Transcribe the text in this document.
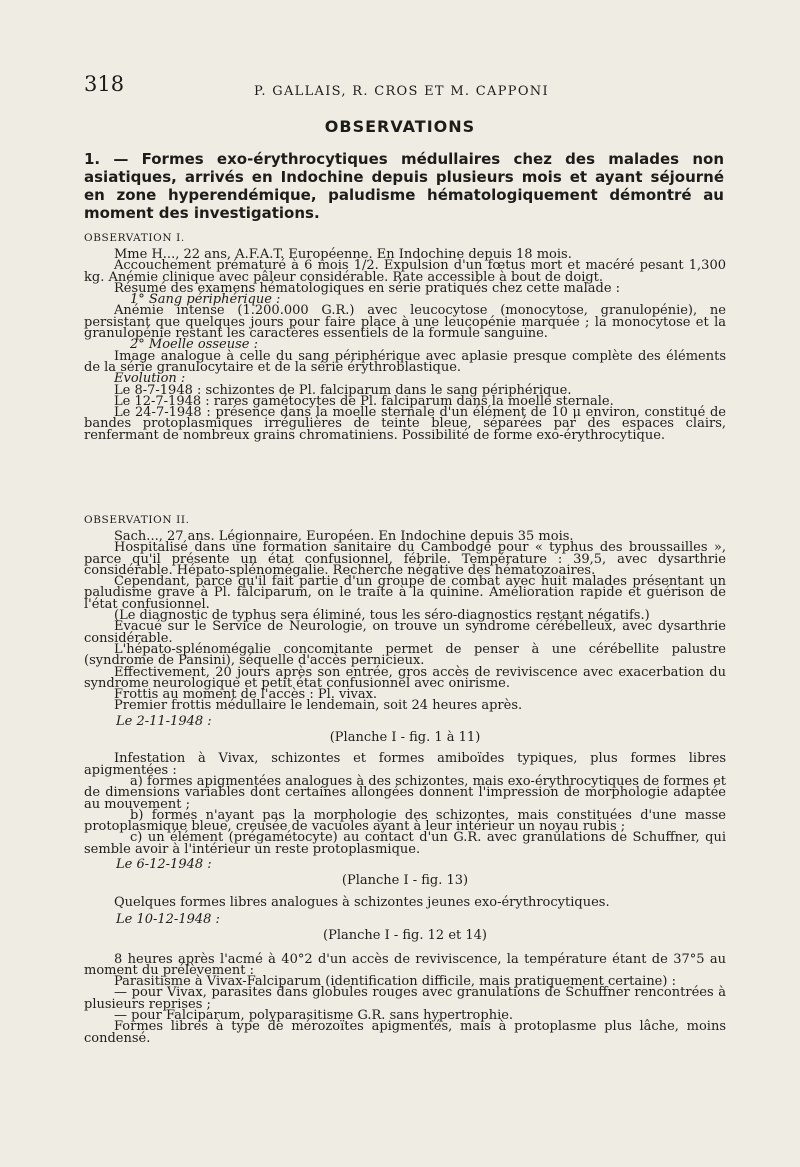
318	P. GALLAIS, R. CROS ET M. CAPPONI
OBSERVATIONS

1. — Formes exo-érythrocytiques médullaires chez des malades non asiatiques, arrivés en Indochine depuis plusieurs mois et ayant séjourné en zone hyperendémique, paludisme hématologiquement démontré au moment des investigations.

OBSERVATION I.

Mme H..., 22 ans, A.F.A.T. Européenne. En Indochine depuis 18 mois.

Accouchement prématuré à 6 mois 1/2. Expulsion d'un fœtus mort et macéré pesant 1,300 kg. Anémie clinique avec pâleur considérable. Rate accessible à bout de doigt.

Résumé des examens hématologiques en série pratiqués chez cette malade :

1° Sang périphérique :

Anémie intense (1.200.000 G.R.) avec leucocytose (monocytose, granulopénie), ne persistant que quelques jours pour faire place à une leucopénie marquée ; la monocytose et la granulopénie restant les caractères essentiels de la formule sanguine.

2° Moelle osseuse :

Image analogue à celle du sang périphérique avec aplasie presque complète des éléments de la série granulocytaire et de la série érythroblastique.

Evolution :

Le 8-7-1948 : schizontes de Pl. falciparum dans le sang périphérique.

Le 12-7-1948 : rares gamétocytes de Pl. falciparum dans la moelle sternale.

Le 24-7-1948 : présence dans la moelle sternale d'un élément de 10 μ environ, constitué de bandes protoplasmiques irrégulières de teinte bleue, séparées par des espaces clairs, renfermant de nombreux grains chromatiniens. Possibilité de forme exo-érythrocytique.

OBSERVATION II.

Sach..., 27 ans. Légionnaire, Européen. En Indochine depuis 35 mois.

Hospitalisé dans une formation sanitaire du Cambodge pour « typhus des broussailles », parce qu'il présente un état confusionnel, fébrile. Température : 39,5, avec dysarthrie considérable. Hépato-splénomégalie. Recherche négative des hématozoaires.

Cependant, parce qu'il fait partie d'un groupe de combat avec huit malades présentant un paludisme grave à Pl. falciparum, on le traite à la quinine. Amélioration rapide et guérison de l'état confusionnel.

(Le diagnostic de typhus sera éliminé, tous les séro-diagnostics restant négatifs.)

Evacué sur le Service de Neurologie, on trouve un syndrome cérébelleux, avec dysarthrie considérable.

L'hépato-splénomégalie concomitante permet de penser à une cérébellite palustre (syndrome de Pansini), séquelle d'accès pernicieux.

Effectivement, 20 jours après son entrée, gros accès de reviviscence avec exacerbation du syndrome neurologique et petit état confusionnel avec onirisme.

Frottis au moment de l'accès : Pl. vivax.

Premier frottis médullaire le lendemain, soit 24 heures après.

Le 2-11-1948 :

(Planche I - fig. 1 à 11)

Infestation à Vivax, schizontes et formes amiboïdes typiques, plus formes libres apigmentées :

a) formes apigmentées analogues à des schizontes, mais exo-érythrocytiques de formes et de dimensions variables dont certaines allongées donnent l'impression de morphologie adaptée au mouvement ;

b) formes n'ayant pas la morphologie des schizontes, mais constituées d'une masse protoplasmique bleue, creusée de vacuoles ayant à leur intérieur un noyau rubis ;

c) un élément (prégamétocyte) au contact d'un G.R. avec granulations de Schuffner, qui semble avoir à l'intérieur un reste protoplasmique.

Le 6-12-1948 :

(Planche I - fig. 13)

Quelques formes libres analogues à schizontes jeunes exo-érythrocytiques.

Le 10-12-1948 :

(Planche I - fig. 12 et 14)

8 heures après l'acmé à 40°2 d'un accès de reviviscence, la température étant de 37°5 au moment du prélèvement :

Parasitisme à Vivax-Falciparum (identification difficile, mais pratiquement certaine) :

— pour Vivax, parasites dans globules rouges avec granulations de Schuffner rencontrées à plusieurs reprises ;

— pour Falciparum, polyparasitisme G.R. sans hypertrophie.

Formes libres à type de mérozoïtes apigmentés, mais à protoplasme plus lâche, moins condensé.
